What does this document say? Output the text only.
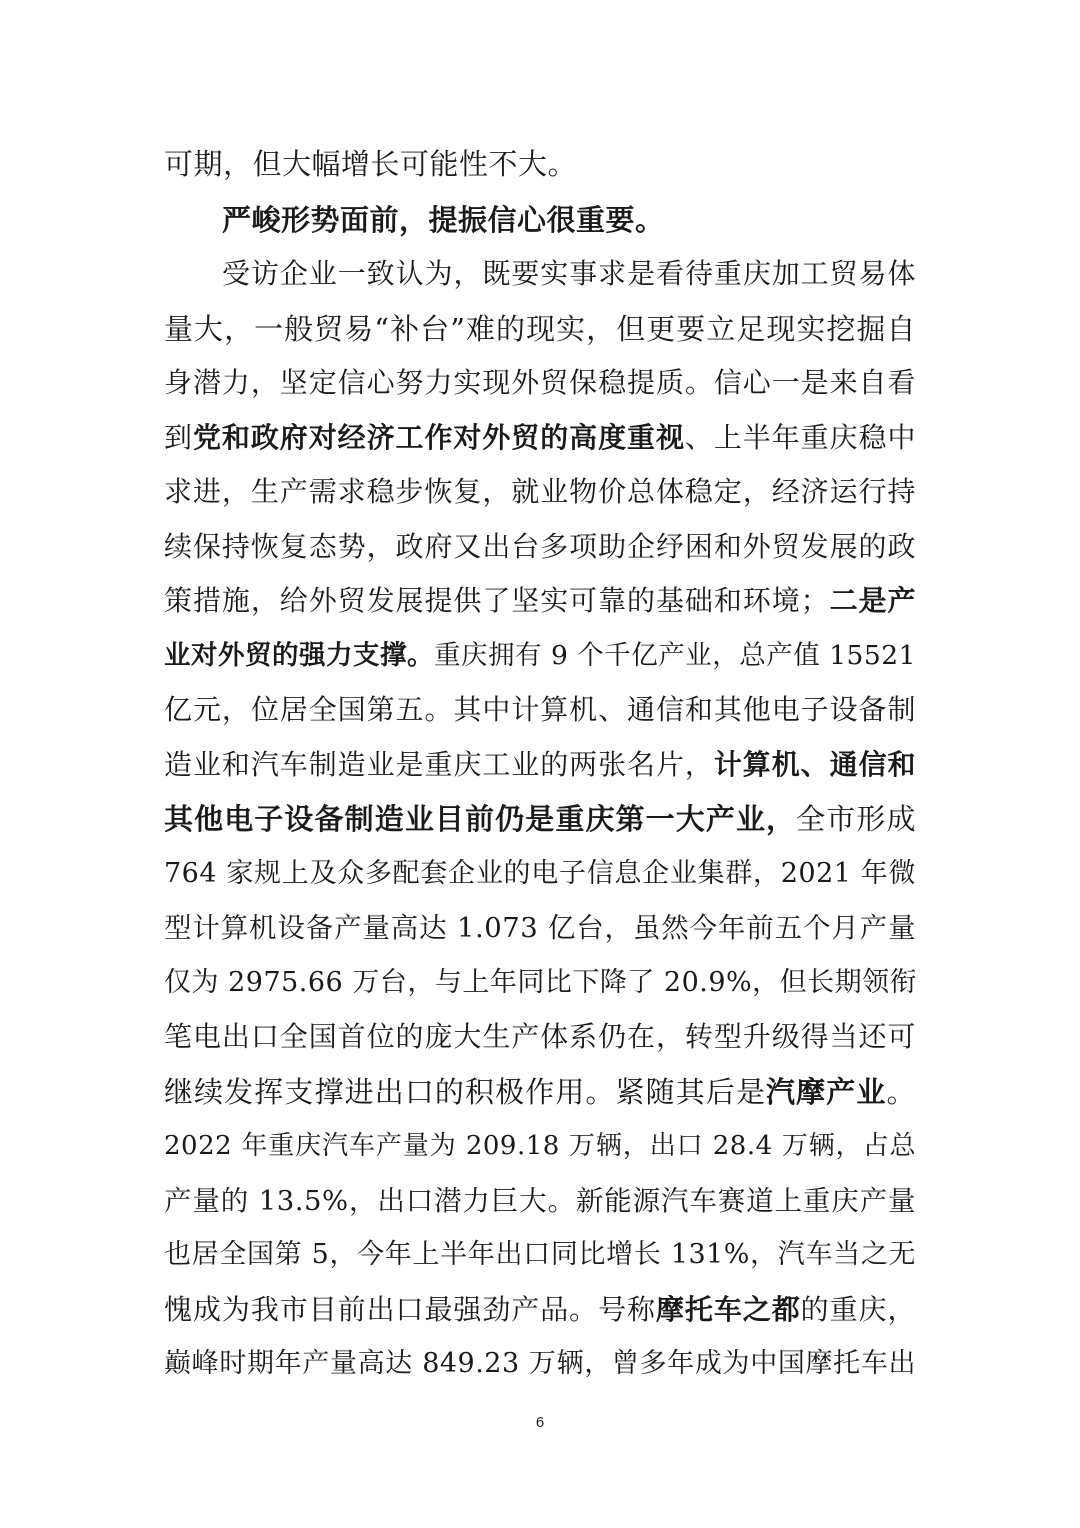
可期，但大幅增长可能性不大。
严峻形势面前，提振信心很重要。
受访企业一致认为，既要实事求是看待重庆加工贸易体
量大，一般贸易“补台”难的现实，但更要立足现实挖掘自
身潜力，坚定信心努力实现外贸保稳提质。信心一是来自看
到党和政府对经济工作对外贸的高度重视、上半年重庆稳中
求进，生产需求稳步恢复，就业物价总体稳定，经济运行持
续保持恢复态势，政府又出台多项助企纾困和外贸发展的政
策措施，给外贸发展提供了坚实可靠的基础和环境；二是产
业对外贸的强力支撑。重庆拥有 9 个千亿产业，总产值 15521
亿元，位居全国第五。其中计算机、通信和其他电子设备制
造业和汽车制造业是重庆工业的两张名片，计算机、通信和
其他电子设备制造业目前仍是重庆第一大产业，全市形成
764 家规上及众多配套企业的电子信息企业集群，2021 年微
型计算机设备产量高达 1.073 亿台，虽然今年前五个月产量
仅为 2975.66 万台，与上年同比下降了 20.9%，但长期领衔
笔电出口全国首位的庞大生产体系仍在，转型升级得当还可
继续发挥支撑进出口的积极作用。紧随其后是汽摩产业。
2022 年重庆汽车产量为 209.18 万辆，出口 28.4 万辆，占总
产量的 13.5%，出口潜力巨大。新能源汽车赛道上重庆产量
也居全国第 5，今年上半年出口同比增长 131%，汽车当之无
愧成为我市目前出口最强劲产品。号称摩托车之都的重庆，
巅峰时期年产量高达 849.23 万辆，曾多年成为中国摩托车出
6
